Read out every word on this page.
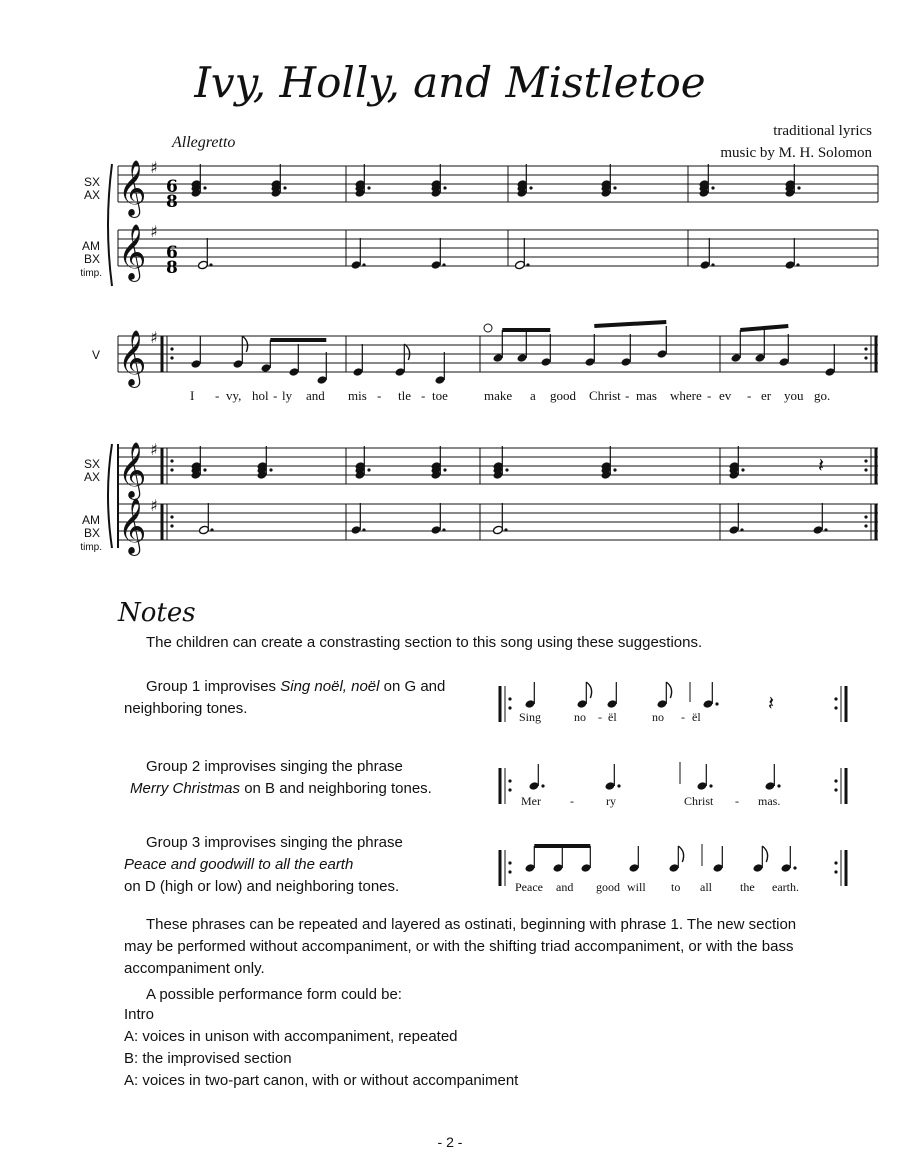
Ivy, Holly, and Mistletoe
traditional lyrics
music by M. H. Solomon
Allegretto
SX
AX
AM
BX
timp.
V
SX
AX
AM
BX
timp.
𝄞 ♯
𝄞 ♯
𝄞 ♯
𝄞 ♯
𝄞 ♯
𝄽
𝄽
6
8
6
8
I - vy, hol - ly and mis - tle - toe	make a good Christ - mas where - ev - er you go.
Notes
The children can create a constrasting section to this song using these suggestions.
Group 1 improvises Sing noël, noël on G and
neighboring tones.
Group 2 improvises singing the phrase
Merry Christmas on B and neighboring tones.
Group 3 improvises singing the phrase
Peace and goodwill to all the earth
on D (high or low) and neighboring tones.
Sing	no - ël	no - ël
Mer -	ry	Christ - mas.
Peace and good will to all the earth.
These phrases can be repeated and layered as ostinati, beginning with phrase 1. The new section may be performed without accompaniment, or with the shifting triad accompaniment, or with the bass accompaniment only.
A possible performance form could be:
Intro
A: voices in unison with accompaniment, repeated
B: the improvised section
A: voices in two-part canon, with or without accompaniment
- 2 -
